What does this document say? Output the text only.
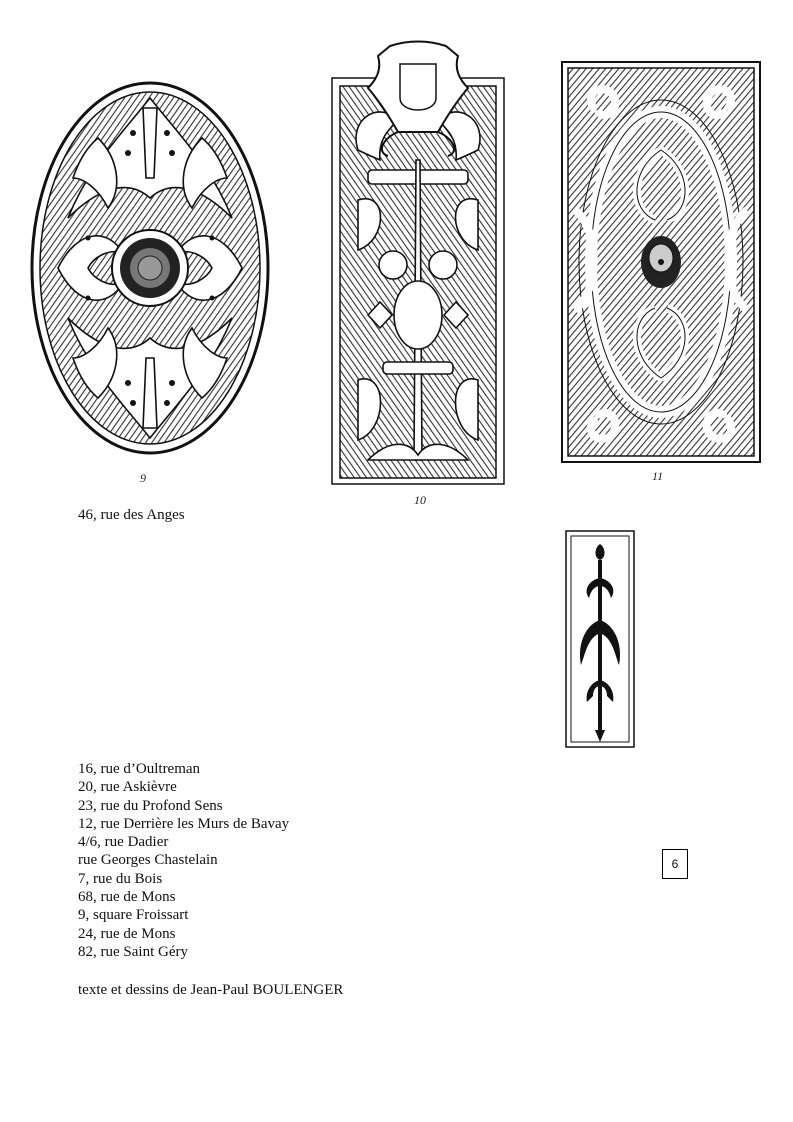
9
10
11
46, rue des Anges
16, rue d’Oultreman
20, rue Askièvre
23, rue du Profond Sens
12, rue Derrière les Murs de Bavay
4/6, rue Dadier
rue Georges Chastelain
7, rue du Bois
68, rue de Mons
9, square Froissart
24, rue de Mons
82, rue Saint Géry
texte et dessins de Jean-Paul BOULENGER
6
